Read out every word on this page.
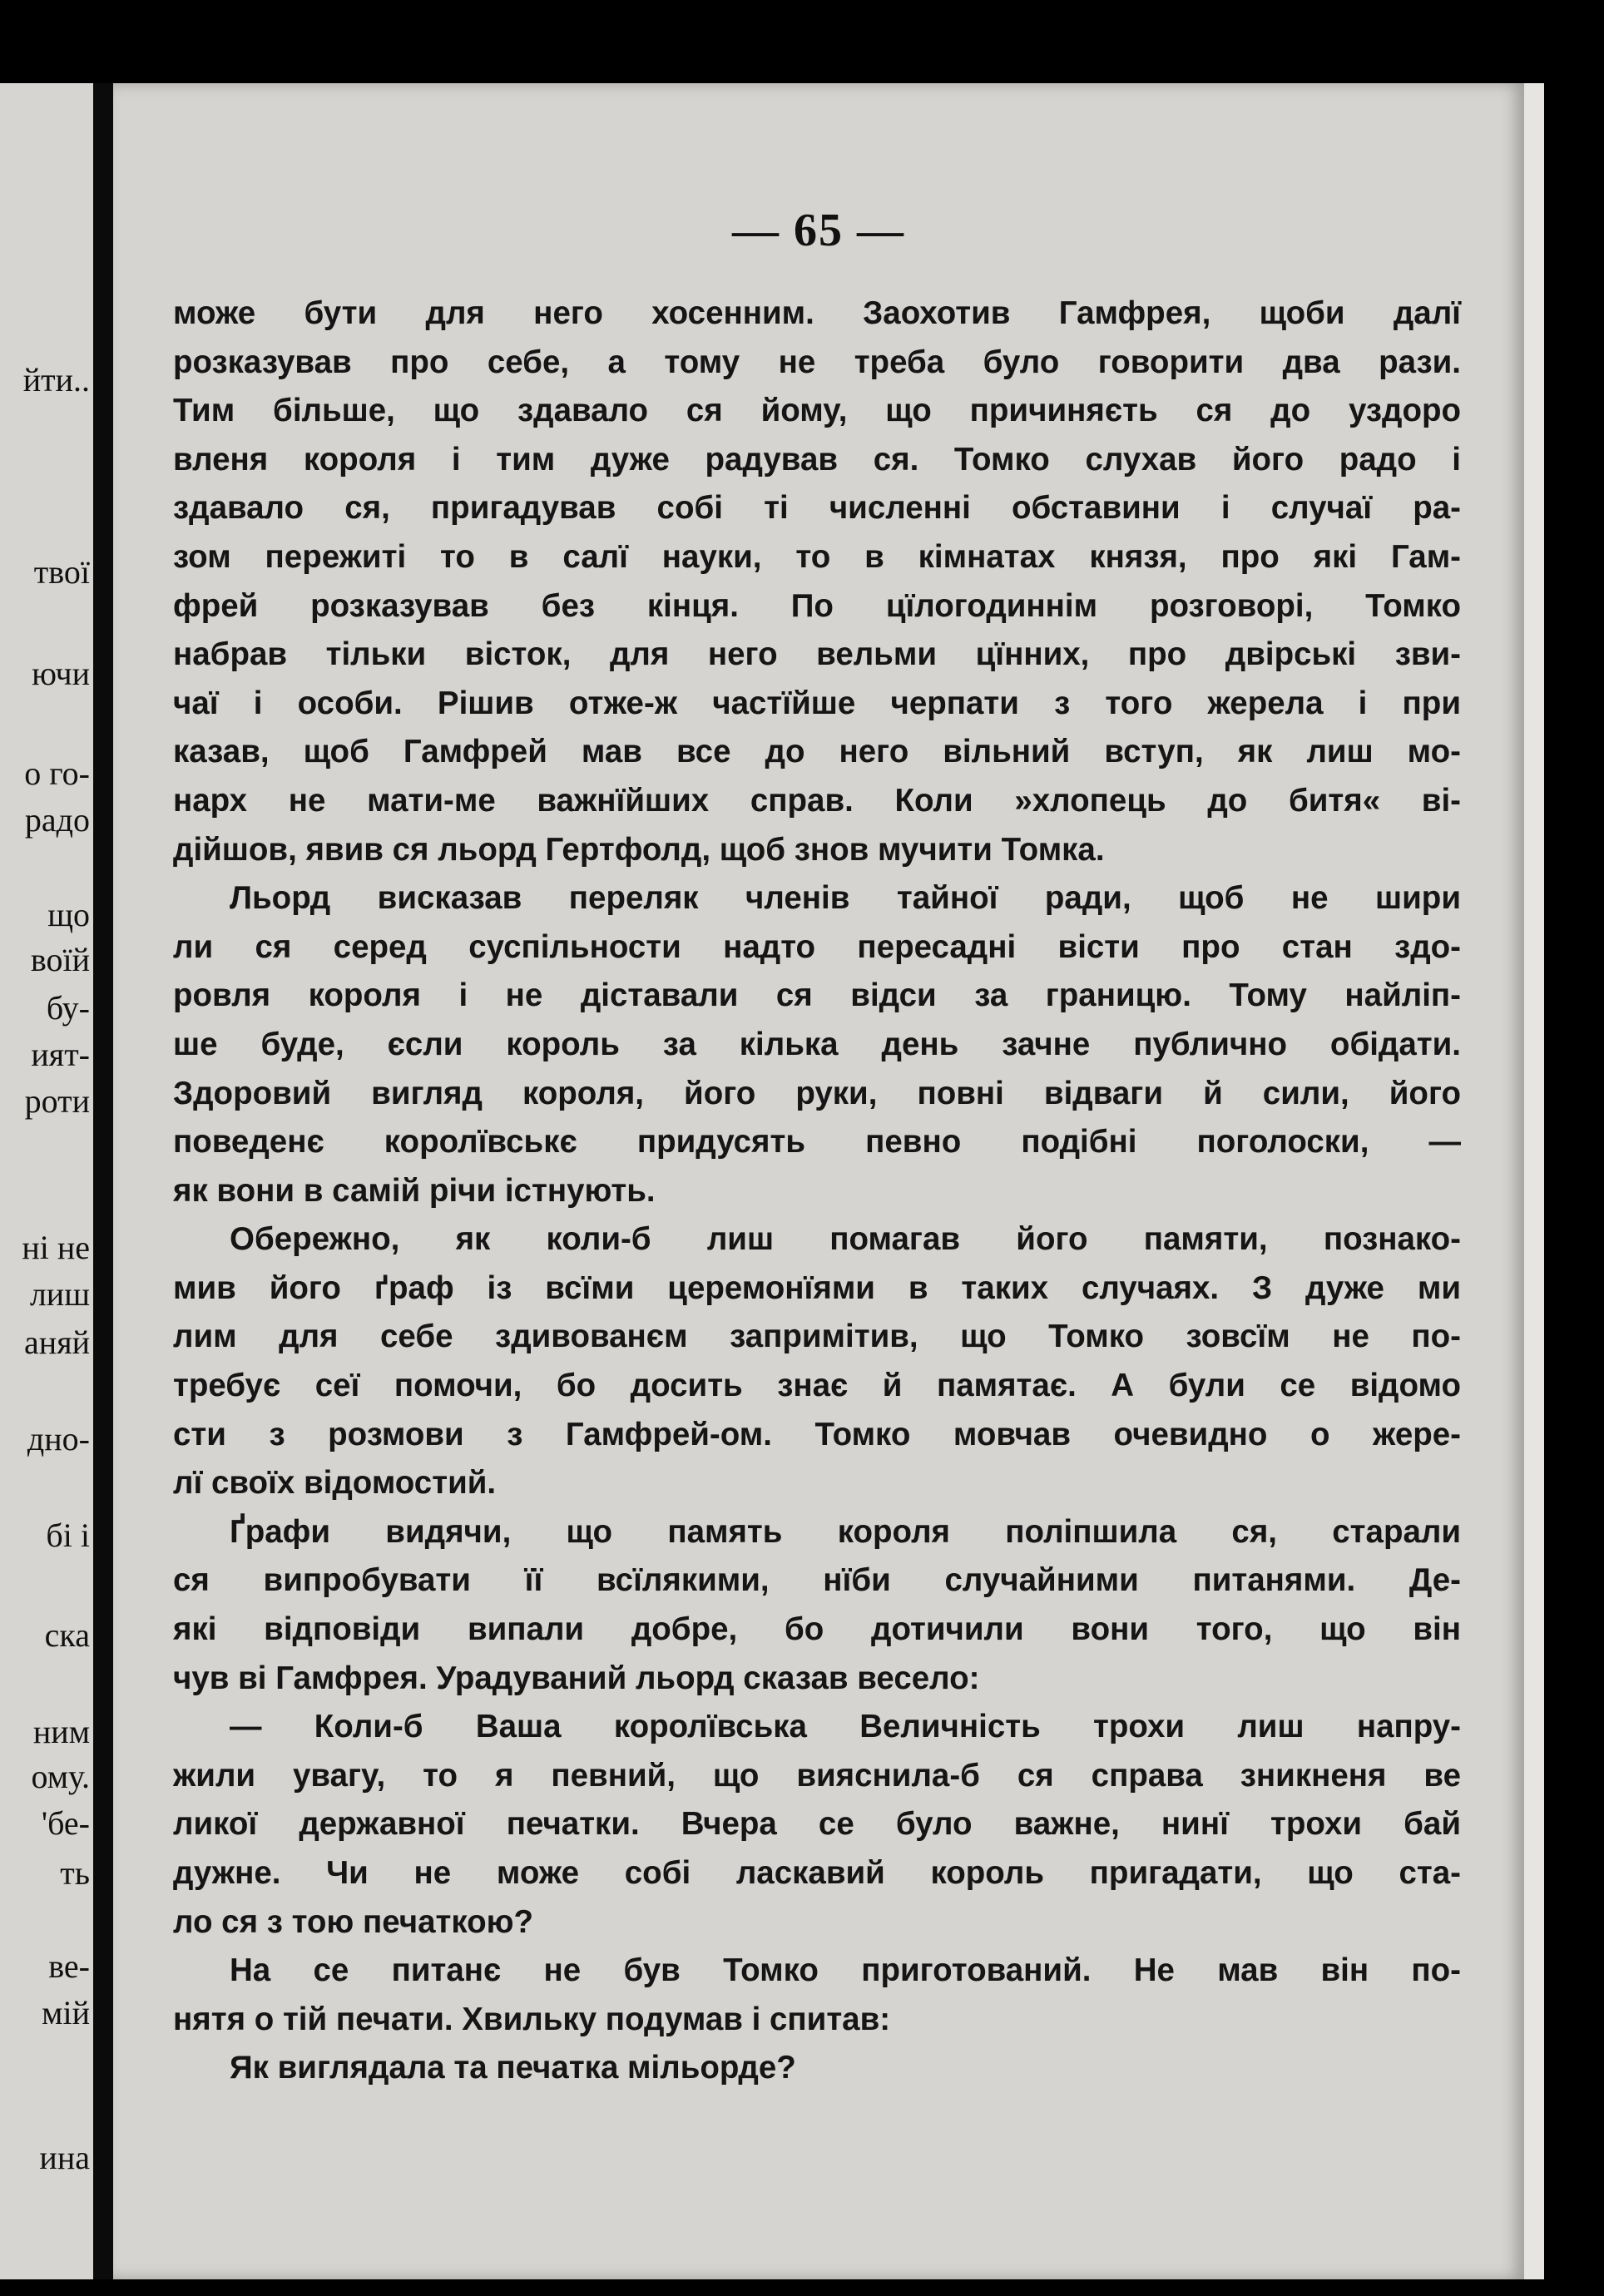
йти..
твої
ючи
о го-
радо
що
воїй
бу-
ият-
роти
ні не
лиш
аняй
дно-
бі і
ска
ним
ому.
'бе-
ть
ве-
мій
ина
— 65 —
може бути для него хосенним. Заохотив Гамфрея, щоби далї
розказував про себе, а тому не треба було говорити два рази.
Тим більше, що здавало ся йому, що причиняєть ся до уздоро
вленя короля і тим дуже радував ся. Томко слухав його радо і
здавало ся, пригадував собі ті численні обставини і случаї ра-
зом пережиті то в салї науки, то в кімнатах князя, про які Гам-
фрей розказував без кінця. По цїлогодиннім розговорі, Томко
набрав тільки вісток, для него вельми цїнних, про двірські зви-
чаї і особи. Рішив отже-ж частїйше черпати з того жерела і при
казав, щоб Гамфрей мав все до него вільний вступ, як лиш мо-
нарх не мати-ме важнїйших справ. Коли »хлопець до битя« ві-
дійшов, явив ся льорд Гертфолд, щоб знов мучити Томка.
Льорд висказав переляк членів тайної ради, щоб не шири
ли ся серед суспільности надто пересадні вісти про стан здо-
ровля короля і не діставали ся відси за границю. Тому найліп-
ше буде, єсли король за кілька день зачне публично обідати.
Здоровий вигляд короля, його руки, повні відваги й сили, його
поведенє королївськє придусять певно подібні поголоски, —
як вони в самій річи істнують.
Обережно, як коли-б лиш помагав його памяти, познако-
мив його ґраф із всїми церемонїями в таких случаях. З дуже ми
лим для себе здивованєм запримітив, що Томко зовсїм не по-
требує сеї помочи, бо досить знає й памятає. А були се відомо
сти з розмови з Гамфрей-ом. Томко мовчав очевидно о жере-
лї своїх відомостий.
Ґрафи видячи, що память короля поліпшила ся, старали
ся випробувати її всїлякими, нїби случайними питанями. Де-
які відповіди випали добре, бо дотичили вони того, що він
чув ві Гамфрея. Урадуваний льорд сказав весело:
— Коли-б Ваша королївська Величність трохи лиш напру-
жили увагу, то я певний, що вияснила-б ся справа зникненя ве
ликої державної печатки. Вчера се було важне, нинї трохи бай
дужне. Чи не може собі ласкавий король пригадати, що ста-
ло ся з тою печаткою?
На се питанє не був Томко приготований. Не мав він по-
нятя о тій печати. Хвильку подумав і спитав:
Як виглядала та печатка мільорде?
